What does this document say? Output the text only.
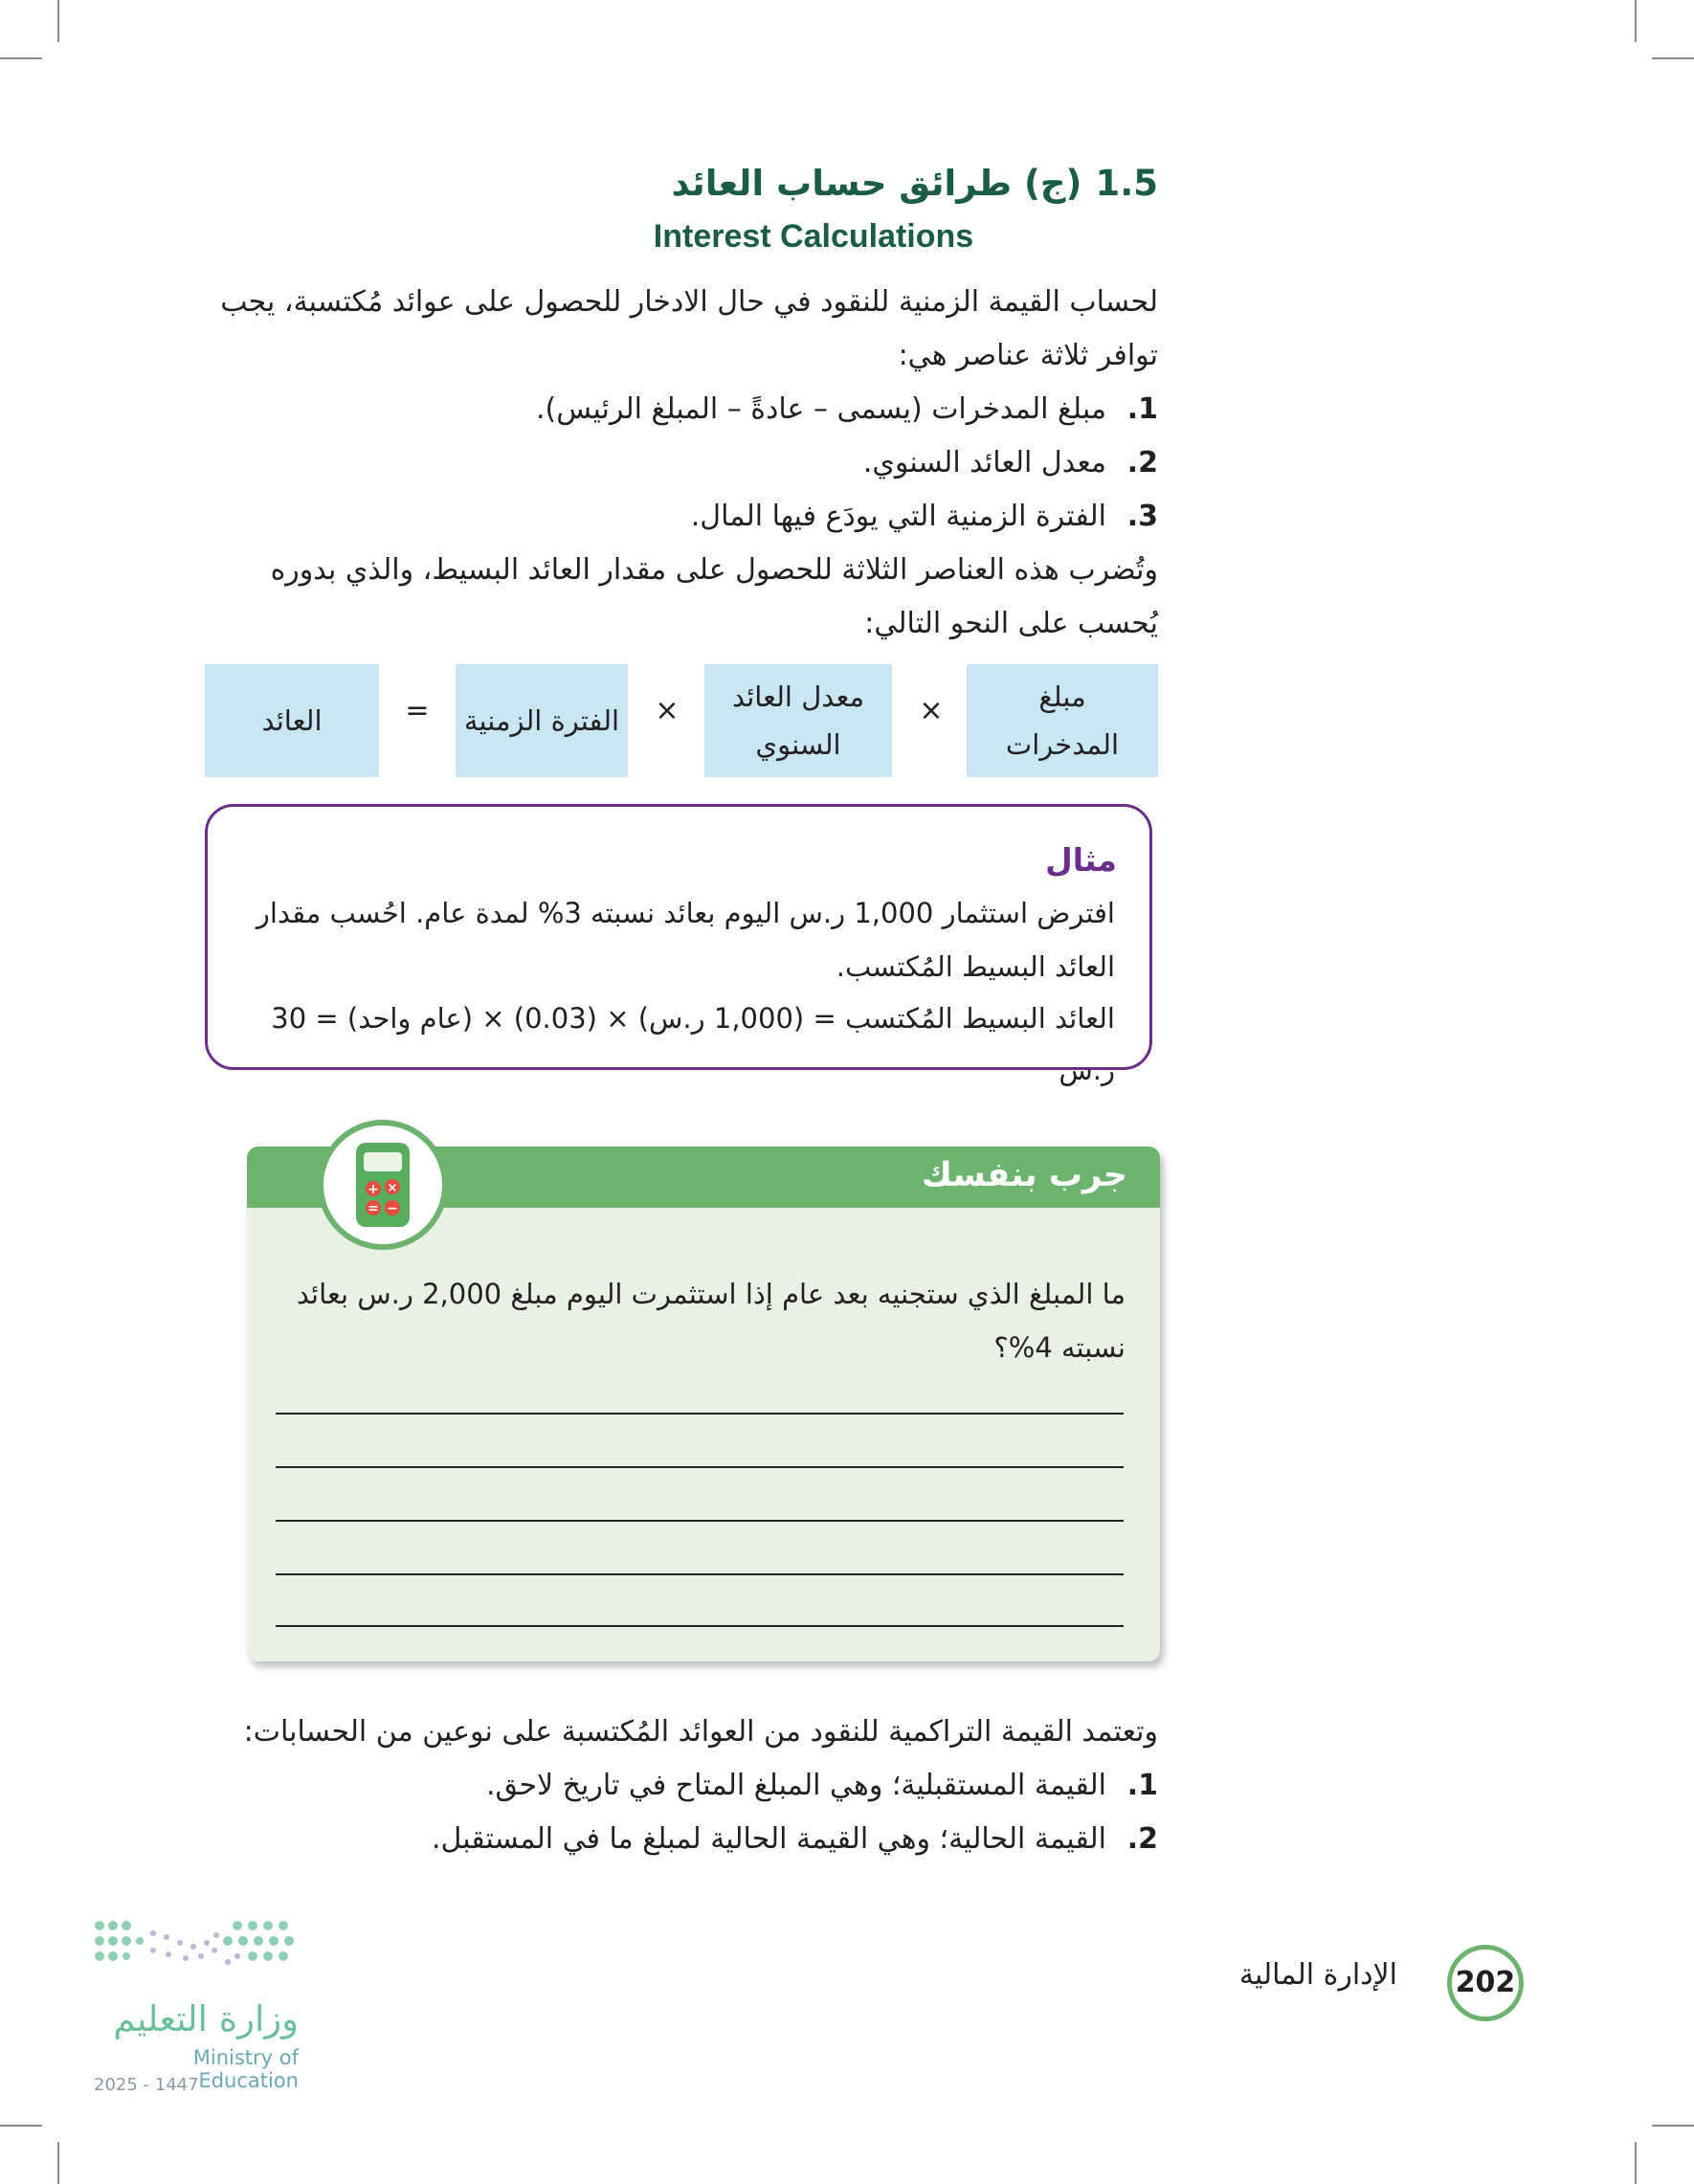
1.5(ج) طرائق حساب العائد
Interest Calculations
لحساب القيمة الزمنية للنقود في حال الادخار للحصول على عوائد مُكتسبة، يجب
توافر ثلاثة عناصر هي:
1.مبلغ المدخرات (يسمى – عادةً – المبلغ الرئيس).
2.معدل العائد السنوي.
3.الفترة الزمنية التي يودَع فيها المال.
وتُضرب هذه العناصر الثلاثة للحصول على مقدار العائد البسيط، والذي بدوره
يُحسب على النحو التالي:
مبلغ
المدخرات
×
معدل العائد
السنوي
×
الفترة الزمنية
=
العائد
مثال
افترض استثمار 1,000 ر.س اليوم بعائد نسبته 3% لمدة عام. احُسب مقدار
العائد البسيط المُكتسب.
العائد البسيط المُكتسب = (1,000 ر.س) × (0.03) × (عام واحد) = 30 ر.س
جرب بنفسك
ما المبلغ الذي ستجنيه بعد عام إذا استثمرت اليوم مبلغ 2,000 ر.س بعائد
نسبته 4%؟
+ ×
= −
وتعتمد القيمة التراكمية للنقود من العوائد المُكتسبة على نوعين من الحسابات:
1.القيمة المستقبلية؛ وهي المبلغ المتاح في تاريخ لاحق.
2.القيمة الحالية؛ وهي القيمة الحالية لمبلغ ما في المستقبل.
202
الإدارة المالية
وزارة التعليم
Ministry of Education
2025 - 1447
